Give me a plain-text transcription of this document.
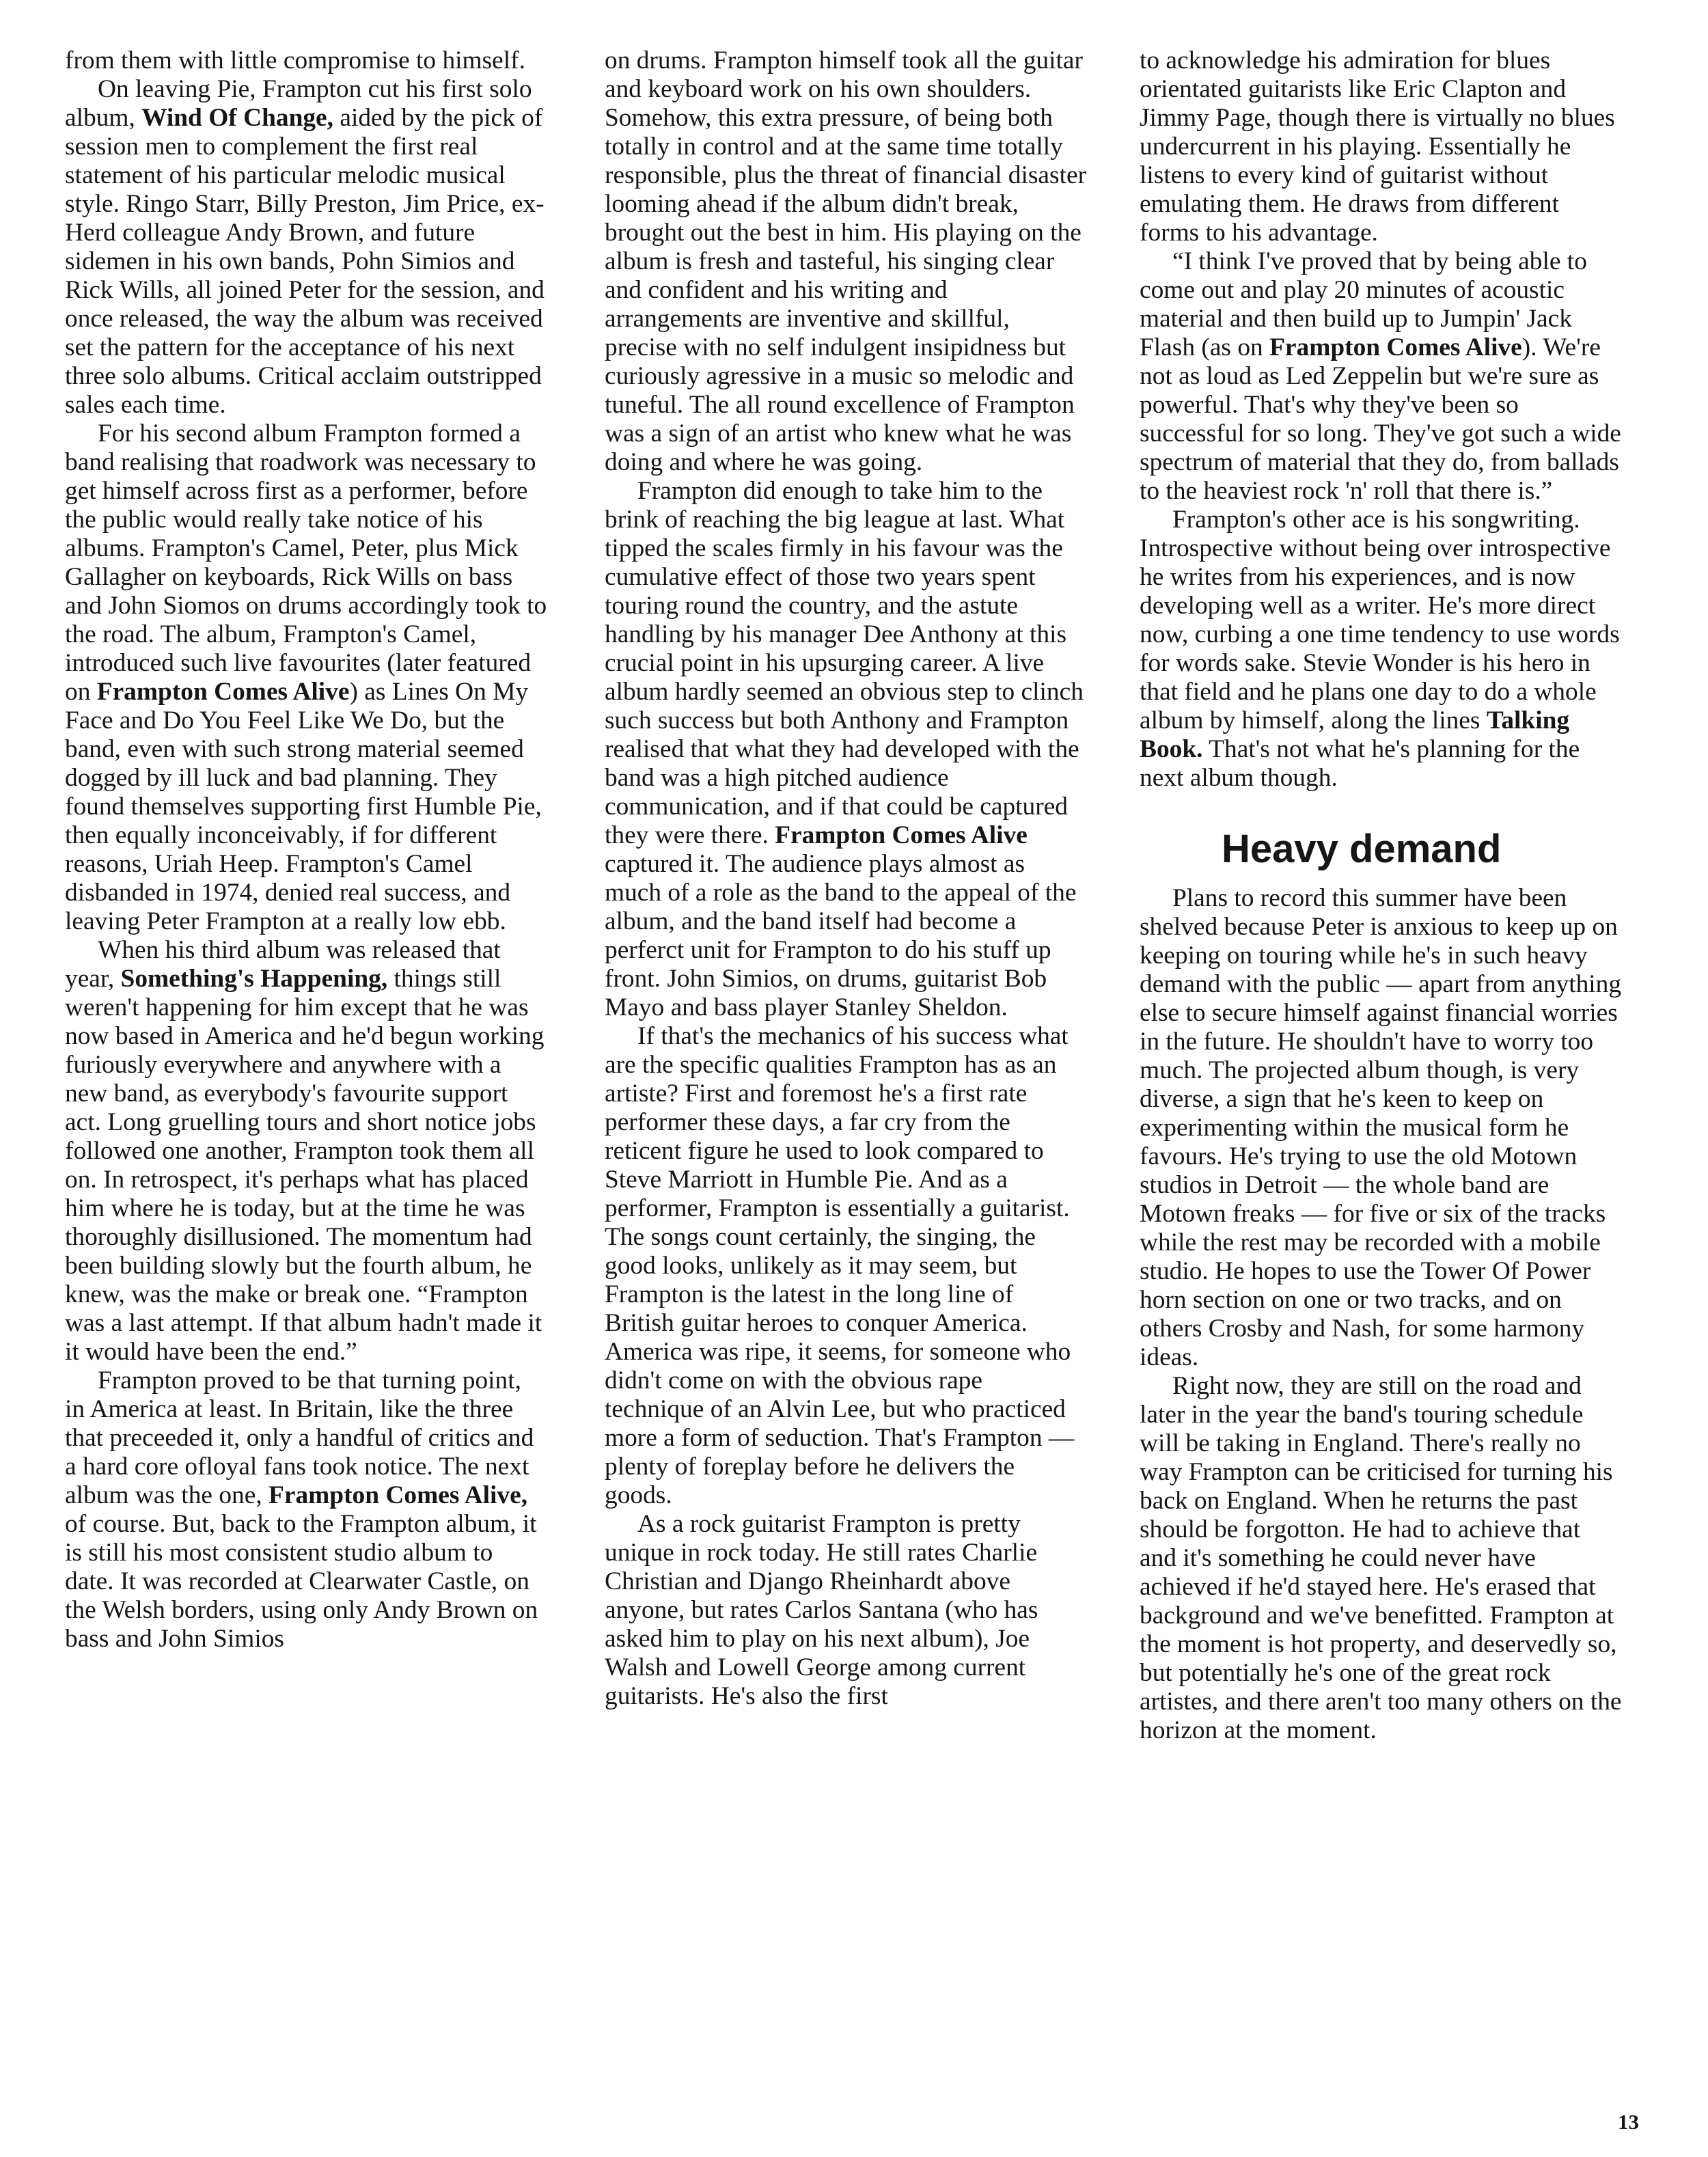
from them with little compromise to himself.

On leaving Pie, Frampton cut his first solo album, Wind Of Change, aided by the pick of session men to complement the first real statement of his particular melodic musical style. Ringo Starr, Billy Preston, Jim Price, ex-Herd colleague Andy Brown, and future sidemen in his own bands, Pohn Simios and Rick Wills, all joined Peter for the session, and once released, the way the album was received set the pattern for the acceptance of his next three solo albums. Critical acclaim outstripped sales each time.

For his second album Frampton formed a band realising that roadwork was necessary to get himself across first as a performer, before the public would really take notice of his albums. Frampton's Camel, Peter, plus Mick Gallagher on keyboards, Rick Wills on bass and John Siomos on drums accordingly took to the road. The album, Frampton's Camel, introduced such live favourites (later featured on Frampton Comes Alive) as Lines On My Face and Do You Feel Like We Do, but the band, even with such strong material seemed dogged by ill luck and bad planning. They found themselves supporting first Humble Pie, then equally inconceivably, if for different reasons, Uriah Heep. Frampton's Camel disbanded in 1974, denied real success, and leaving Peter Frampton at a really low ebb.

When his third album was released that year, Something's Happening, things still weren't happening for him except that he was now based in America and he'd begun working furiously everywhere and anywhere with a new band, as everybody's favourite support act. Long gruelling tours and short notice jobs followed one another, Frampton took them all on. In retrospect, it's perhaps what has placed him where he is today, but at the time he was thoroughly disillusioned. The momentum had been building slowly but the fourth album, he knew, was the make or break one. “Frampton was a last attempt. If that album hadn't made it it would have been the end.”

Frampton proved to be that turning point, in America at least. In Britain, like the three that preceeded it, only a handful of critics and a hard core ofloyal fans took notice. The next album was the one, Frampton Comes Alive, of course. But, back to the Frampton album, it is still his most consistent studio album to date. It was recorded at Clearwater Castle, on the Welsh borders, using only Andy Brown on bass and John Simios

on drums. Frampton himself took all the guitar and keyboard work on his own shoulders. Somehow, this extra pressure, of being both totally in control and at the same time totally responsible, plus the threat of financial disaster looming ahead if the album didn't break, brought out the best in him. His playing on the album is fresh and tasteful, his singing clear and confident and his writing and arrangements are inventive and skillful, precise with no self indulgent insipidness but curiously agressive in a music so melodic and tuneful. The all round excellence of Frampton was a sign of an artist who knew what he was doing and where he was going.

Frampton did enough to take him to the brink of reaching the big league at last. What tipped the scales firmly in his favour was the cumulative effect of those two years spent touring round the country, and the astute handling by his manager Dee Anthony at this crucial point in his upsurging career. A live album hardly seemed an obvious step to clinch such success but both Anthony and Frampton realised that what they had developed with the band was a high pitched audience communication, and if that could be captured they were there. Frampton Comes Alive captured it. The audience plays almost as much of a role as the band to the appeal of the album, and the band itself had become a perferct unit for Frampton to do his stuff up front. John Simios, on drums, guitarist Bob Mayo and bass player Stanley Sheldon.

If that's the mechanics of his success what are the specific qualities Frampton has as an artiste? First and foremost he's a first rate performer these days, a far cry from the reticent figure he used to look compared to Steve Marriott in Humble Pie. And as a performer, Frampton is essentially a guitarist. The songs count certainly, the singing, the good looks, unlikely as it may seem, but Frampton is the latest in the long line of British guitar heroes to conquer America. America was ripe, it seems, for someone who didn't come on with the obvious rape technique of an Alvin Lee, but who practiced more a form of seduction. That's Frampton — plenty of foreplay before he delivers the goods.

As a rock guitarist Frampton is pretty unique in rock today. He still rates Charlie Christian and Django Rheinhardt above anyone, but rates Carlos Santana (who has asked him to play on his next album), Joe Walsh and Lowell George among current guitarists. He's also the first

to acknowledge his admiration for blues orientated guitarists like Eric Clapton and Jimmy Page, though there is virtually no blues undercurrent in his playing. Essentially he listens to every kind of guitarist without emulating them. He draws from different forms to his advantage.

“I think I've proved that by being able to come out and play 20 minutes of acoustic material and then build up to Jumpin' Jack Flash (as on Frampton Comes Alive). We're not as loud as Led Zeppelin but we're sure as powerful. That's why they've been so successful for so long. They've got such a wide spectrum of material that they do, from ballads to the heaviest rock 'n' roll that there is.”

Frampton's other ace is his songwriting. Introspective without being over introspective he writes from his experiences, and is now developing well as a writer. He's more direct now, curbing a one time tendency to use words for words sake. Stevie Wonder is his hero in that field and he plans one day to do a whole album by himself, along the lines Talking Book. That's not what he's planning for the next album though.

Heavy demand

Plans to record this summer have been shelved because Peter is anxious to keep up on keeping on touring while he's in such heavy demand with the public — apart from anything else to secure himself against financial worries in the future. He shouldn't have to worry too much. The projected album though, is very diverse, a sign that he's keen to keep on experimenting within the musical form he favours. He's trying to use the old Motown studios in Detroit — the whole band are Motown freaks — for five or six of the tracks while the rest may be recorded with a mobile studio. He hopes to use the Tower Of Power horn section on one or two tracks, and on others Crosby and Nash, for some harmony ideas.

Right now, they are still on the road and later in the year the band's touring schedule will be taking in England. There's really no way Frampton can be criticised for turning his back on England. When he returns the past should be forgotton. He had to achieve that and it's something he could never have achieved if he'd stayed here. He's erased that background and we've benefitted. Frampton at the moment is hot property, and deservedly so, but potentially he's one of the great rock artistes, and there aren't too many others on the horizon at the moment.

13
